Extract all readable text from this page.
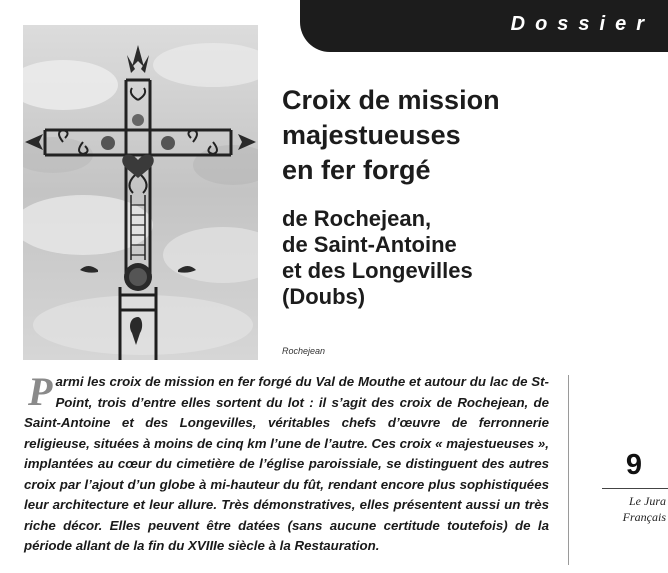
Dossier
Rochejean
Croix de mission
majestueuses
en fer forgé
de Rochejean,
de Saint-Antoine
et des Longevilles
(Doubs)
Parmi les croix de mission en fer forgé du Val de Mouthe et autour du lac de St-Point, trois d’entre elles sortent du lot : il s’agit des croix de Rochejean, de Saint-Antoine et des Longevilles, véritables chefs d’œuvre de ferronnerie religieuse, situées à moins de cinq km l’une de l’autre. Ces croix « majestueuses », implantées au cœur du cimetière de l’église paroissiale, se distinguent des autres croix par l’ajout d’un globe à mi-hauteur du fût, rendant encore plus sophistiquées leur architecture et leur allure. Très démonstratives, elles présentent aussi un très riche décor. Elles peuvent être datées (sans aucune certitude toutefois) de la période allant de la fin du XVIIIe siècle à la Restauration.
9
Le Jura
Français
